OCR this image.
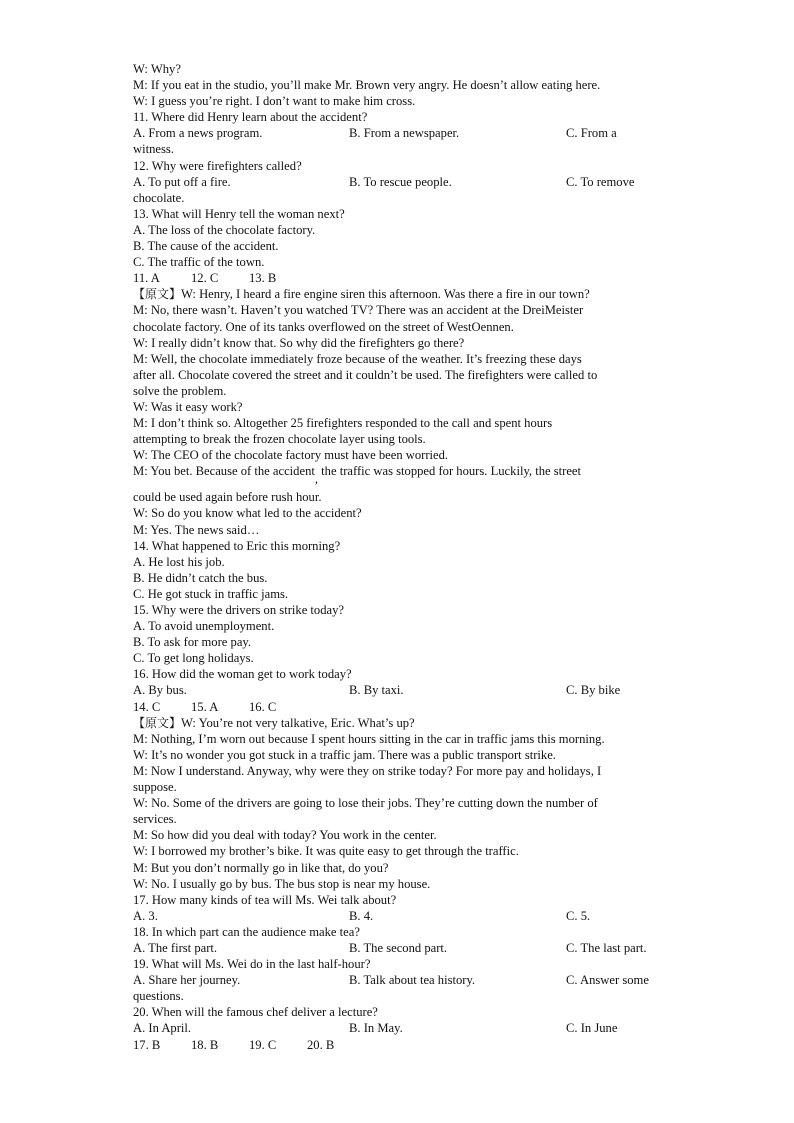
W: Why?
M: If you eat in the studio, you’ll make Mr. Brown very angry. He doesn’t allow eating here.
W: I guess you’re right. I don’t want to make him cross.
11. Where did Henry learn about the accident?
A. From a news program.	B. From a newspaper.	C. From a
witness.
12. Why were firefighters called?
A. To put off a fire.	B. To rescue people.	C. To remove
chocolate.
13. What will Henry tell the woman next?
A. The loss of the chocolate factory.
B. The cause of the accident.
C. The traffic of the town.
11. A 12. C 13. B
【原文】W: Henry, I heard a fire engine siren this afternoon. Was there a fire in our town?
M: No, there wasn’t. Haven’t you watched TV? There was an accident at the DreiMeister
chocolate factory. One of its tanks overflowed on the street of WestOennen.
W: I really didn’t know that. So why did the firefighters go there?
M: Well, the chocolate immediately froze because of the weather. It’s freezing these days
after all. Chocolate covered the street and it couldn’t be used. The firefighters were called to
solve the problem.
W: Was it easy work?
M: I don’t think so. Altogether 25 firefighters responded to the call and spent hours
attempting to break the frozen chocolate layer using tools.
W: The CEO of the chocolate factory must have been worried.
M: You bet. Because of the accident, the traffic was stopped for hours. Luckily, the street
could be used again before rush hour.
W: So do you know what led to the accident?
M: Yes. The news said…
14. What happened to Eric this morning?
A. He lost his job.
B. He didn’t catch the bus.
C. He got stuck in traffic jams.
15. Why were the drivers on strike today?
A. To avoid unemployment.
B. To ask for more pay.
C. To get long holidays.
16. How did the woman get to work today?
A. By bus.	B. By taxi.	C. By bike
14. C 15. A 16. C
【原文】W: You’re not very talkative, Eric. What’s up?
M: Nothing, I’m worn out because I spent hours sitting in the car in traffic jams this morning.
W: It’s no wonder you got stuck in a traffic jam. There was a public transport strike.
M: Now I understand. Anyway, why were they on strike today? For more pay and holidays, I
suppose.
W: No. Some of the drivers are going to lose their jobs. They’re cutting down the number of
services.
M: So how did you deal with today? You work in the center.
W: I borrowed my brother’s bike. It was quite easy to get through the traffic.
M: But you don’t normally go in like that, do you?
W: No. I usually go by bus. The bus stop is near my house.
17. How many kinds of tea will Ms. Wei talk about?
A. 3.	B. 4.	C. 5.
18. In which part can the audience make tea?
A. The first part.	B. The second part.	C. The last part.
19. What will Ms. Wei do in the last half-hour?
A. Share her journey.	B. Talk about tea history.	C. Answer some
questions.
20. When will the famous chef deliver a lecture?
A. In April.	B. In May.	C. In June
17. B 18. B 19. C 20. B
